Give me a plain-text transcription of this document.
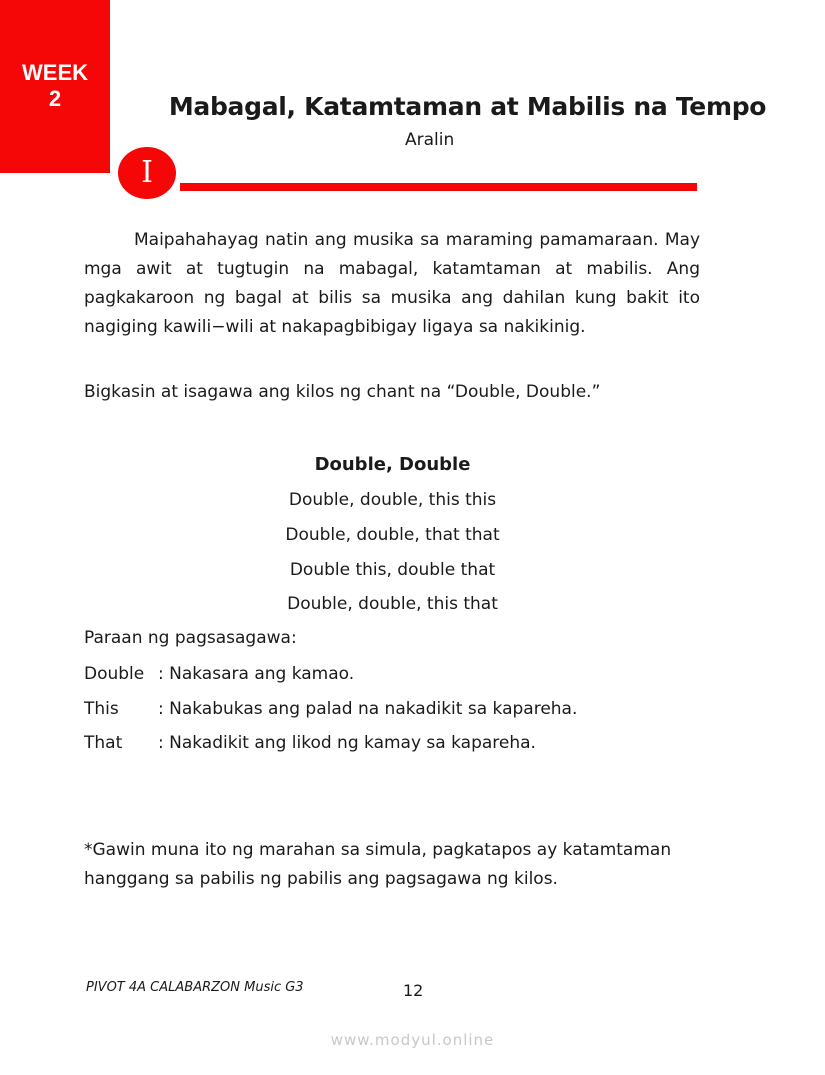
WEEK
2	Mabagal, Katamtaman at Mabilis na Tempo
Aralin
I
Maipahahayag natin ang musika sa maraming pamamaraan. May mga awit at tugtugin na mabagal, katamtaman at mabilis. Ang pagkakaroon ng bagal at bilis sa musika ang dahilan kung bakit ito nagiging kawili−wili at nakapagbibigay ligaya sa nakikinig.
Bigkasin at isagawa ang kilos ng chant na “Double, Double.”
Double, Double
Double, double, this this
Double, double, that that
Double this, double that
Double, double, this that
Paraan ng pagsasagawa:
Double : Nakasara ang kamao.
This : Nakabukas ang palad na nakadikit sa kapareha.
That : Nakadikit ang likod ng kamay sa kapareha.
*Gawin muna ito ng marahan sa simula, pagkatapos ay katamtaman hanggang sa pabilis ng pabilis ang pagsagawa ng kilos.
PIVOT 4A CALABARZON Music G3	12
www.modyul.online
